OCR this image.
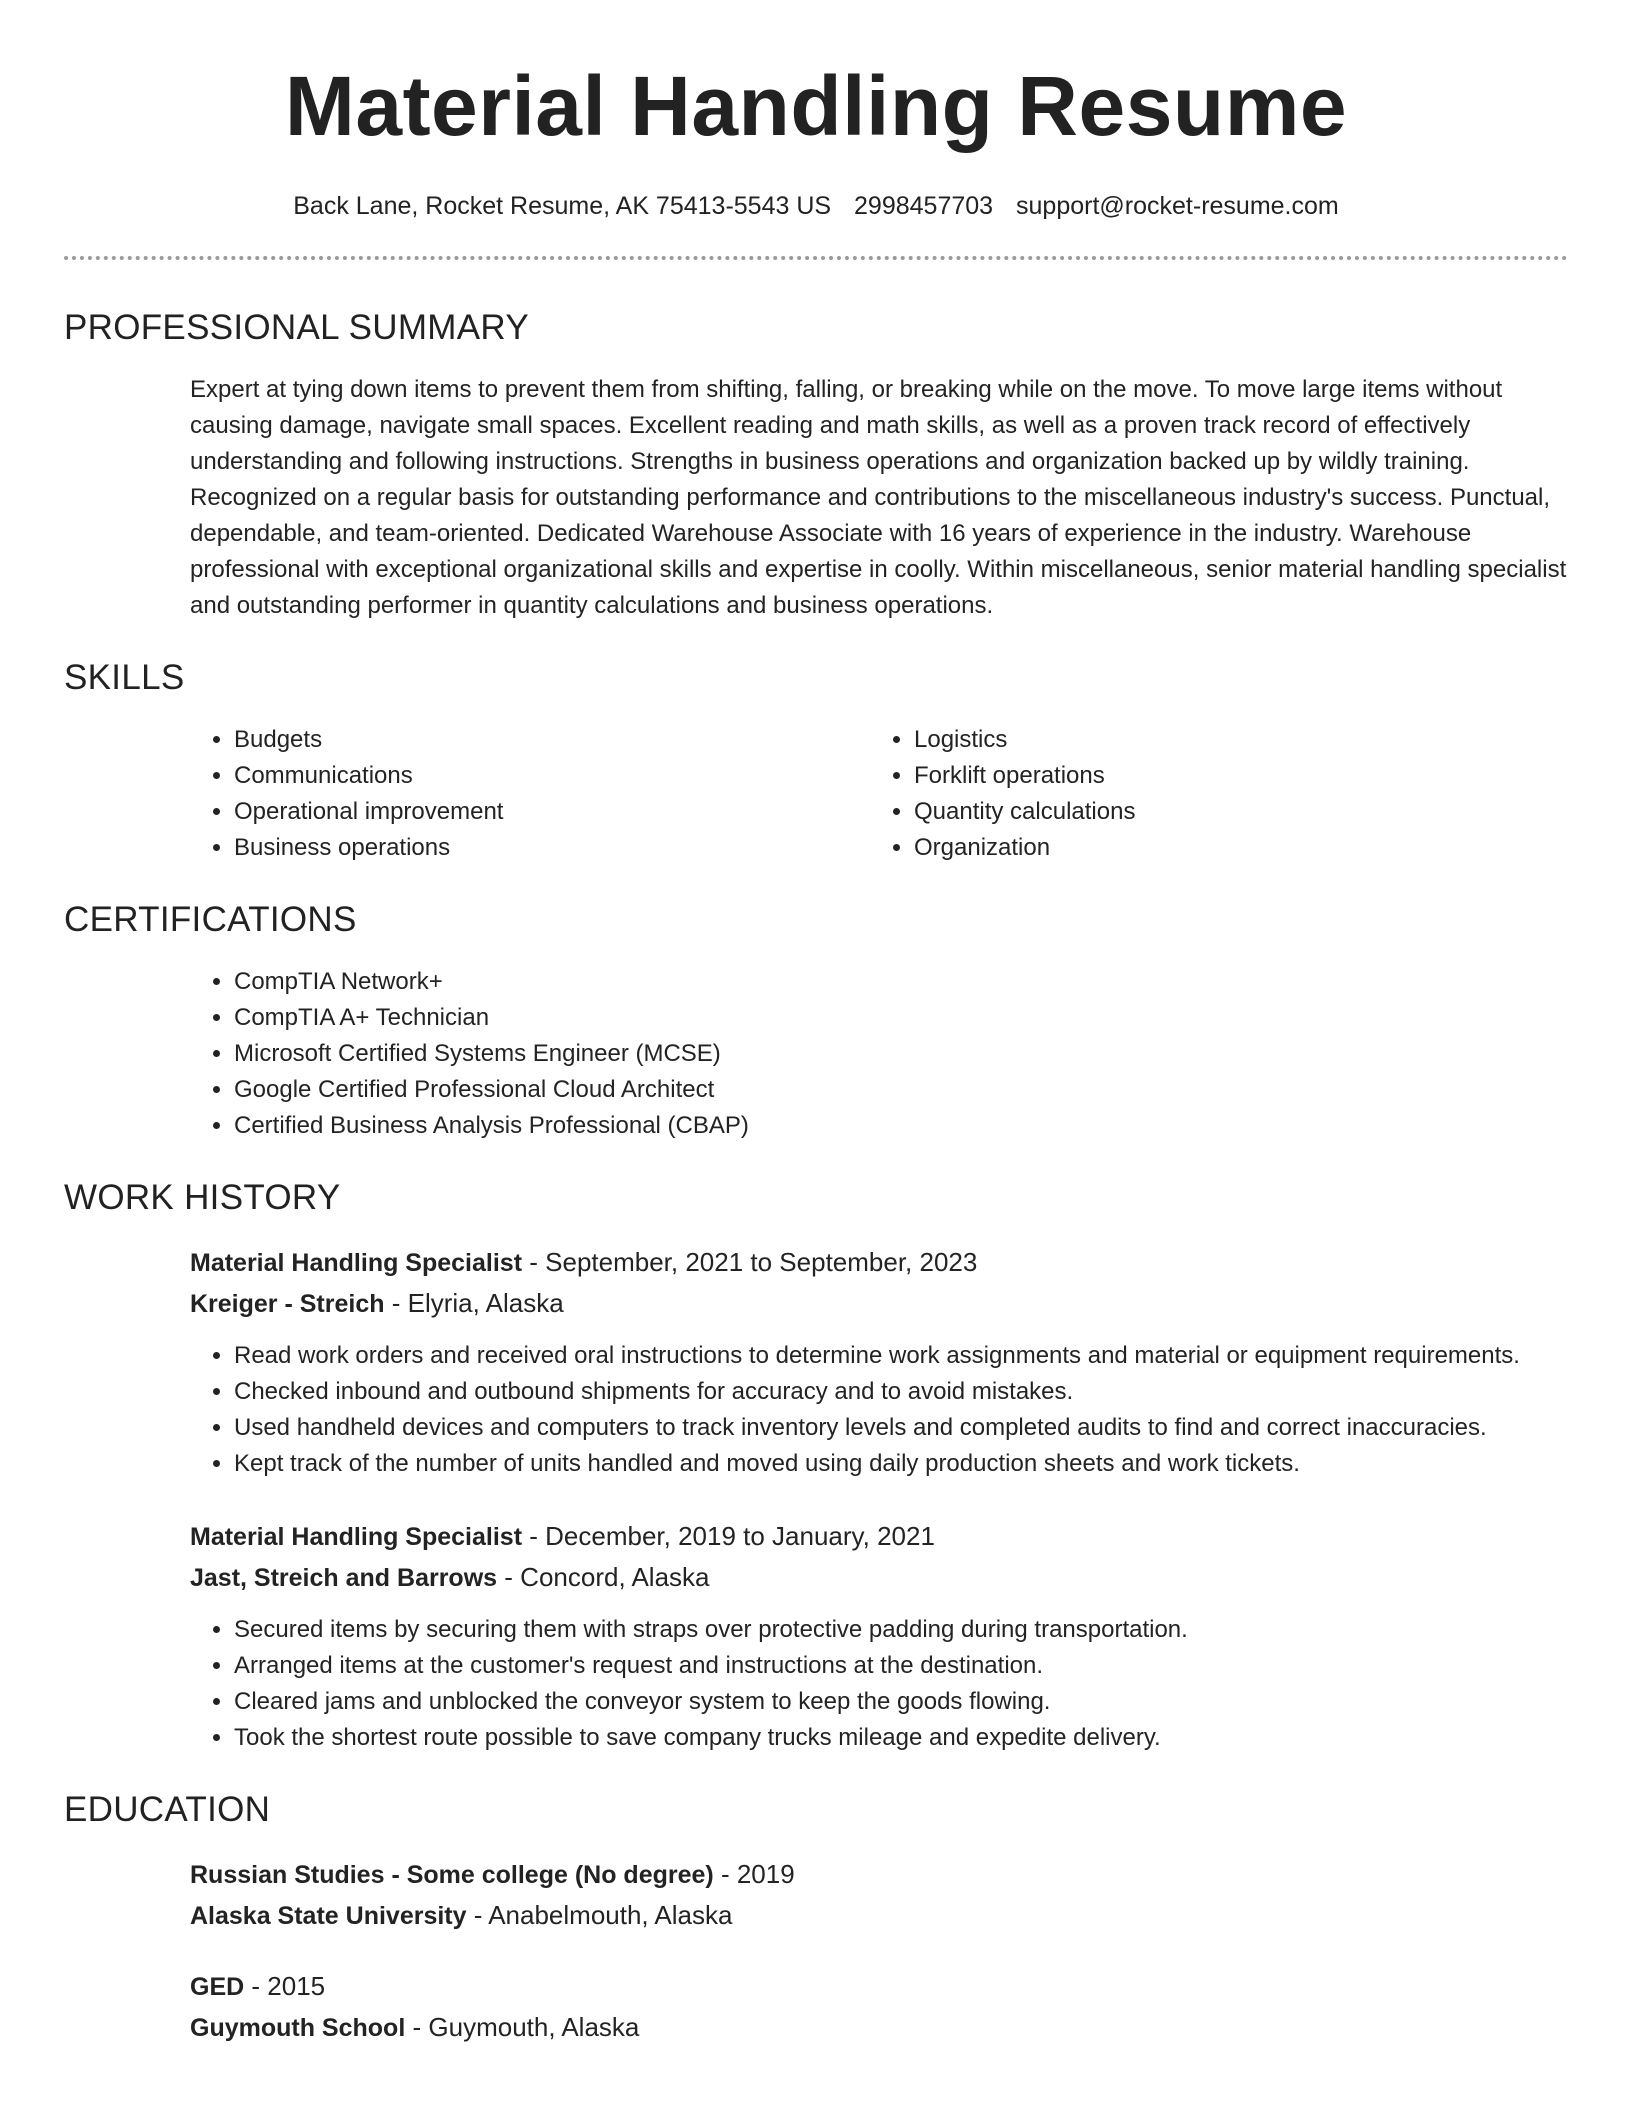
Material Handling Resume
Back Lane, Rocket Resume, AK 75413-5543 US 2998457703 support@rocket-resume.com
PROFESSIONAL SUMMARY

Expert at tying down items to prevent them from shifting, falling, or breaking while on the move. To move large items without causing damage, navigate small spaces. Excellent reading and math skills, as well as a proven track record of effectively understanding and following instructions. Strengths in business operations and organization backed up by wildly training. Recognized on a regular basis for outstanding performance and contributions to the miscellaneous industry's success. Punctual, dependable, and team-oriented. Dedicated Warehouse Associate with 16 years of experience in the industry. Warehouse professional with exceptional organizational skills and expertise in coolly. Within miscellaneous, senior material handling specialist and outstanding performer in quantity calculations and business operations.

SKILLS
• Budgets
• Communications
• Operational improvement
• Business operations
• Logistics
• Forklift operations
• Quantity calculations
• Organization
CERTIFICATIONS
• CompTIA Network+
• CompTIA A+ Technician
• Microsoft Certified Systems Engineer (MCSE)
• Google Certified Professional Cloud Architect
• Certified Business Analysis Professional (CBAP)
WORK HISTORY
Material Handling Specialist - September, 2021 to September, 2023
Kreiger - Streich - Elyria, Alaska
• Read work orders and received oral instructions to determine work assignments and material or equipment requirements.
• Checked inbound and outbound shipments for accuracy and to avoid mistakes.
• Used handheld devices and computers to track inventory levels and completed audits to find and correct inaccuracies.
• Kept track of the number of units handled and moved using daily production sheets and work tickets.
Material Handling Specialist - December, 2019 to January, 2021
Jast, Streich and Barrows - Concord, Alaska
• Secured items by securing them with straps over protective padding during transportation.
• Arranged items at the customer's request and instructions at the destination.
• Cleared jams and unblocked the conveyor system to keep the goods flowing.
• Took the shortest route possible to save company trucks mileage and expedite delivery.
EDUCATION
Russian Studies - Some college (No degree) - 2019
Alaska State University - Anabelmouth, Alaska
GED - 2015
Guymouth School - Guymouth, Alaska
